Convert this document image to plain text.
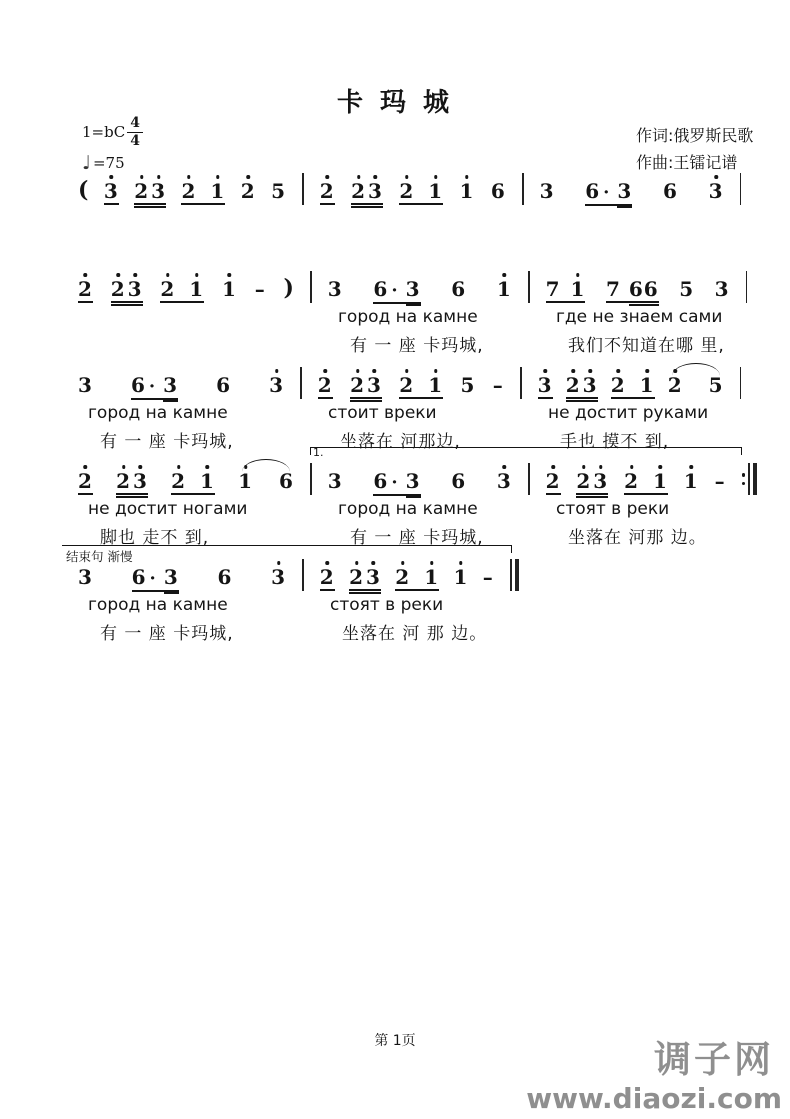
卡 玛 城
$1=bC \frac{4}{4}$
♩ =75
作词:俄罗斯民歌
作曲:王镭记谱
( 3 2 3 2 1 2 5 2 2 3 2 1 1 6 3 6 · 3 6 3
2 2 3 2 1 1 – ) 3 6 · 3 6 1 7 1 7 66 5 3
город на камне	где не знаем сами
有 一 座 卡玛城,	我们不知道在哪 里,
3 6 · 3 6 3 2 2 3 2 1 5 – 3 2 3 2 1 2 5
город на камне	стоит вреки	не достит руками
有 一 座 卡玛城,	坐落在 河那边,	手也 摸不 到,
1.
2 2 3 2 1 1 6 3 6 · 3 6 3 2 2 3 2 1 1 –
не достит ногами	город на камне	стоят в реки
脚也 走不 到,	有 一 座 卡玛城,	坐落在 河那 边。
结束句 渐慢
3 6 · 3 6 3 2 2 3 2 1 1 –
город на камне	стоят в реки
有 一 座 卡玛城,	坐落在 河 那 边。
第 1页	调子网
www.diaozi.com
